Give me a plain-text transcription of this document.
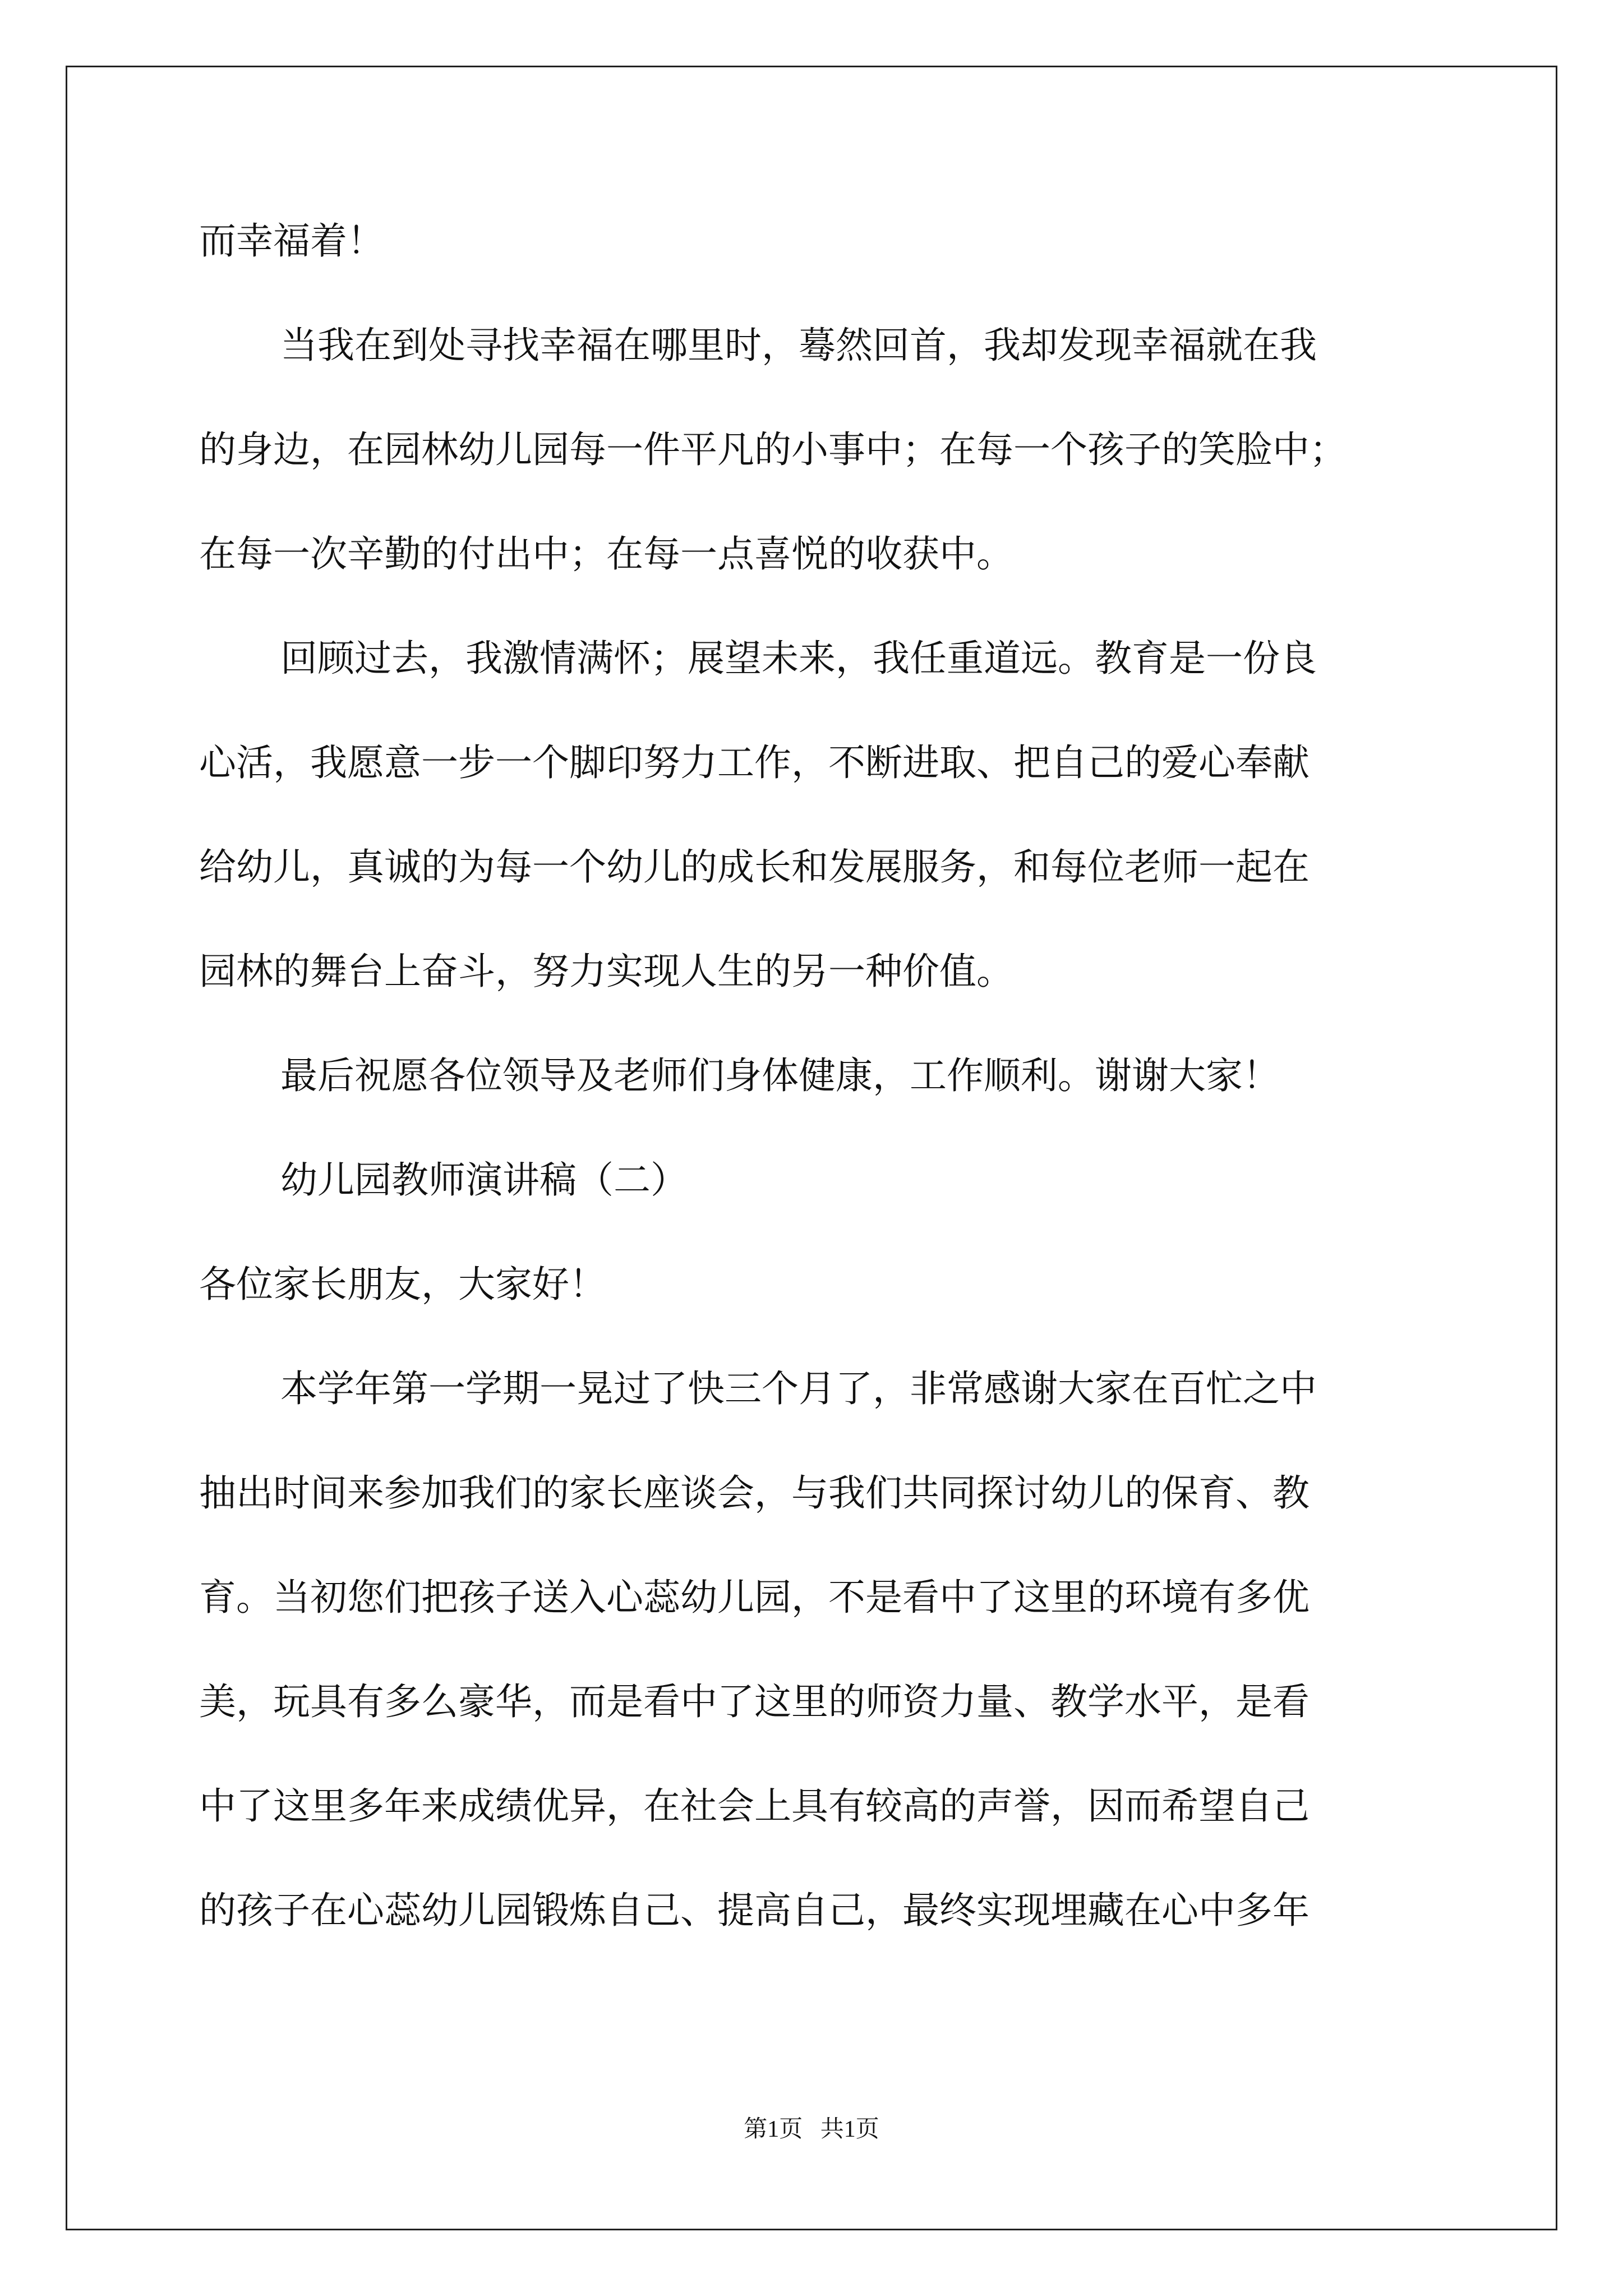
而幸福着！
当我在到处寻找幸福在哪里时，蓦然回首，我却发现幸福就在我
的身边，在园林幼儿园每一件平凡的小事中；在每一个孩子的笑脸中；
在每一次辛勤的付出中；在每一点喜悦的收获中。
回顾过去，我激情满怀；展望未来，我任重道远。教育是一份良
心活，我愿意一步一个脚印努力工作，不断进取、把自己的爱心奉献
给幼儿，真诚的为每一个幼儿的成长和发展服务，和每位老师一起在
园林的舞台上奋斗，努力实现人生的另一种价值。
最后祝愿各位领导及老师们身体健康，工作顺利。谢谢大家！
幼儿园教师演讲稿（二）
各位家长朋友，大家好！
本学年第一学期一晃过了快三个月了，非常感谢大家在百忙之中
抽出时间来参加我们的家长座谈会，与我们共同探讨幼儿的保育、教
育。当初您们把孩子送入心蕊幼儿园，不是看中了这里的环境有多优
美，玩具有多么豪华，而是看中了这里的师资力量、教学水平，是看
中了这里多年来成绩优异，在社会上具有较高的声誉，因而希望自己
的孩子在心蕊幼儿园锻炼自己、提高自己，最终实现埋藏在心中多年
第1页   共1页
